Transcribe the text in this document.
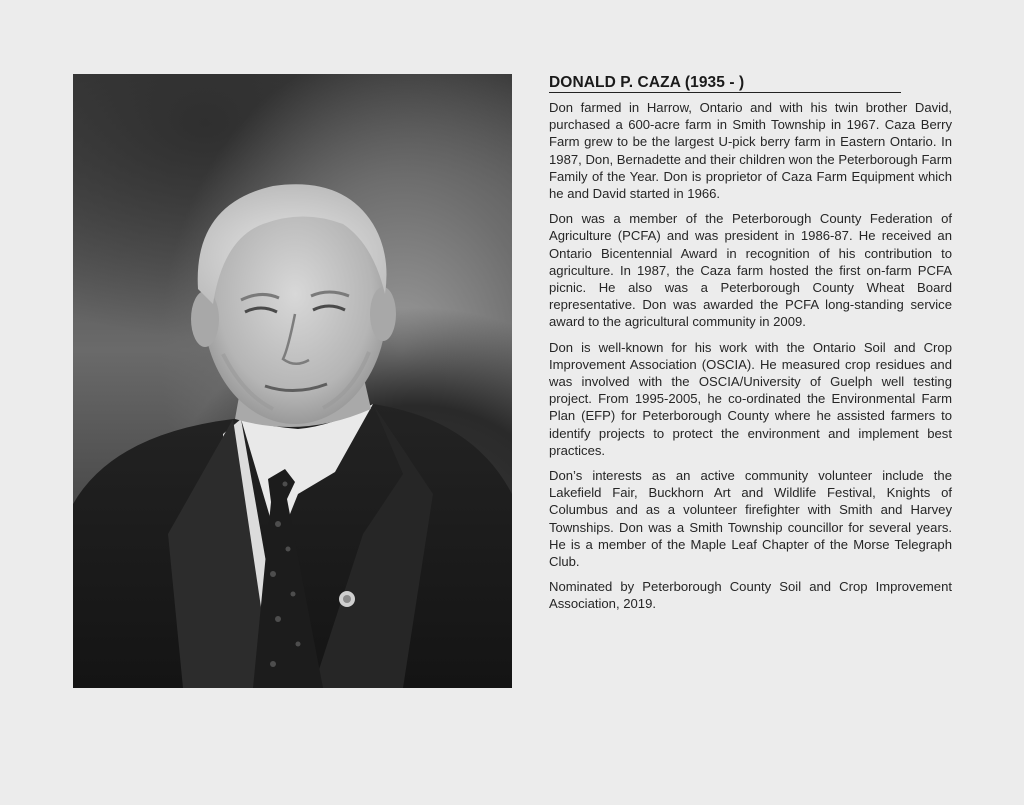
DONALD P. CAZA (1935 - )

Don farmed in Harrow, Ontario and with his twin brother David, purchased a 600-acre farm in Smith Township in 1967. Caza Berry Farm grew to be the largest U-pick berry farm in Eastern Ontario. In 1987, Don, Bernadette and their children won the Peterborough Farm Family of the Year. Don is proprietor of Caza Farm Equipment which he and David started in 1966.

Don was a member of the Peterborough County Federation of Agriculture (PCFA) and was president in 1986-87. He received an Ontario Bicentennial Award in recognition of his contribution to agriculture. In 1987, the Caza farm hosted the first on-farm PCFA picnic. He also was a Peterborough County Wheat Board representative. Don was awarded the PCFA long-standing service award to the agricultural community in 2009.

Don is well-known for his work with the Ontario Soil and Crop Improvement Association (OSCIA). He measured crop residues and was involved with the OSCIA/University of Guelph well testing project. From 1995-2005, he co-ordinated the Environmental Farm Plan (EFP) for Peterborough County where he assisted farmers to identify projects to protect the environment and implement best practices.

Don’s interests as an active community volunteer include the Lakefield Fair, Buckhorn Art and Wildlife Festival, Knights of Columbus and as a volunteer firefighter with Smith and Harvey Townships. Don was a Smith Township councillor for several years. He is a member of the Maple Leaf Chapter of the Morse Telegraph Club.

Nominated by Peterborough County Soil and Crop Improvement Association, 2019.
